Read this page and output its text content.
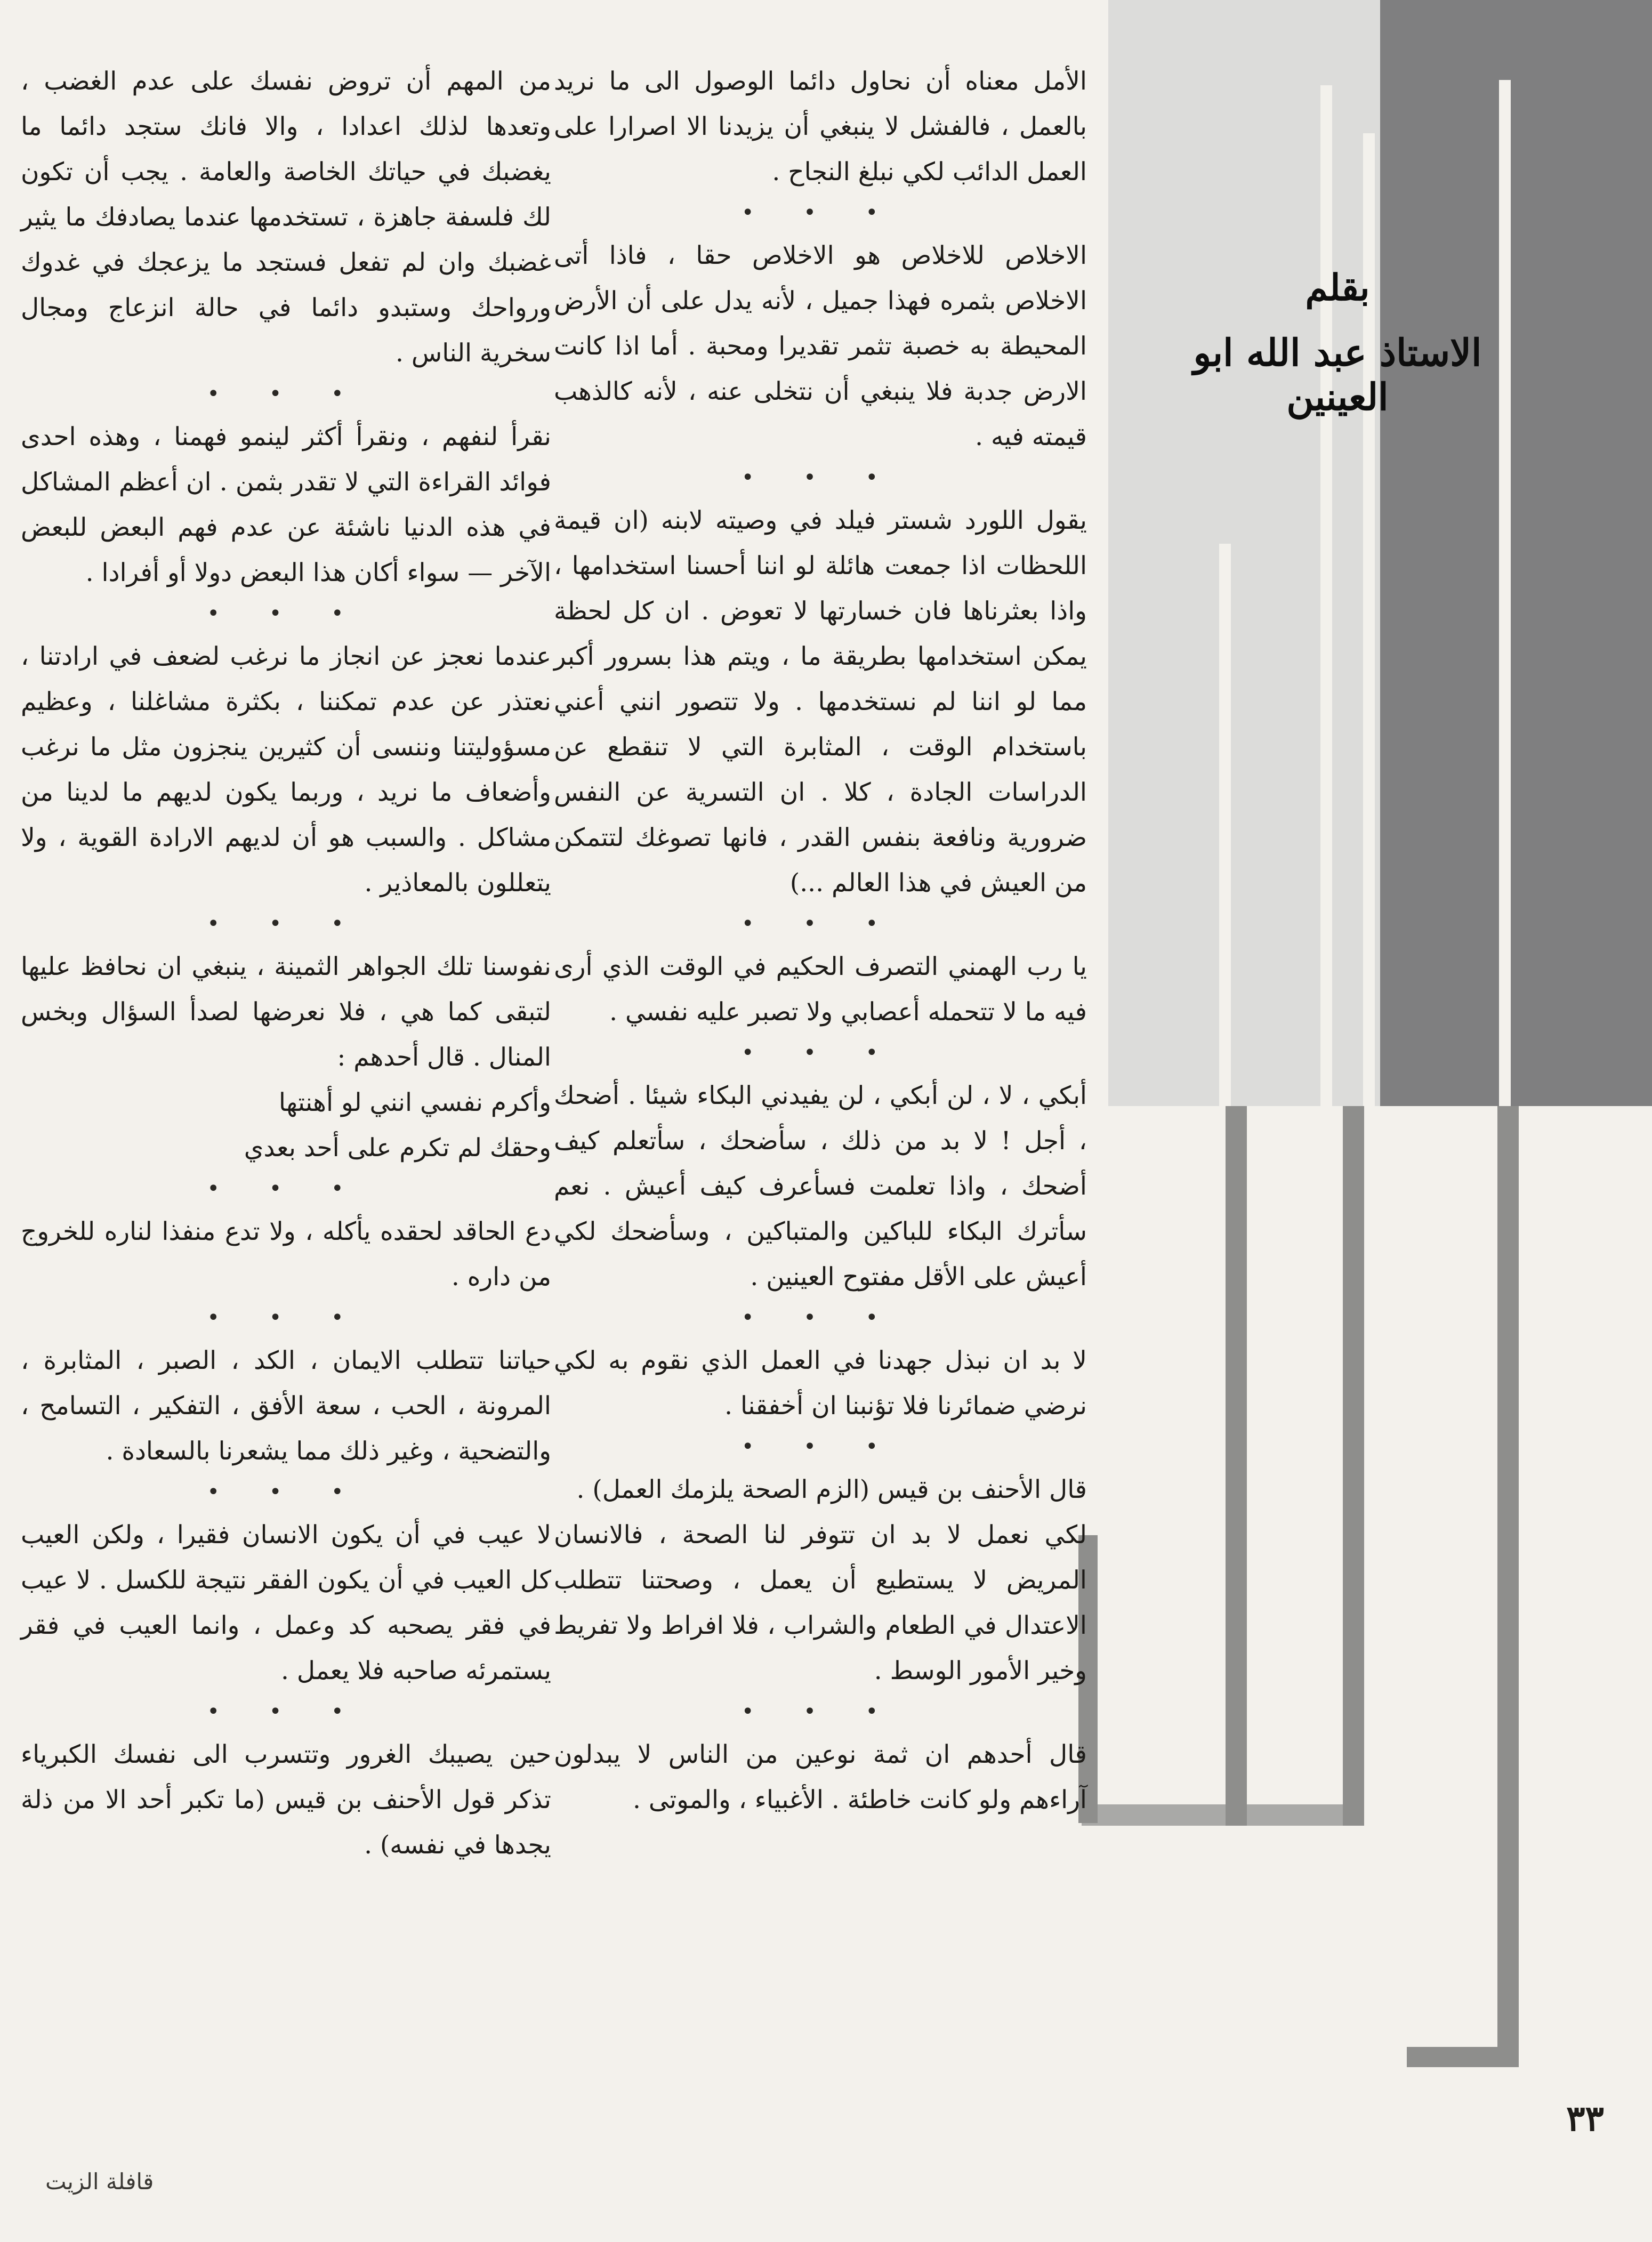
بقلم
الاستاذ عبد الله ابو العينين

الأمل معناه أن نحاول دائما الوصول الى ما نريد بالعمل ، فالفشل لا ينبغي أن يزيدنا الا اصرارا على العمل الدائب لكي نبلغ النجاح .

• • •

الاخلاص للاخلاص هو الاخلاص حقا ، فاذا أتى الاخلاص بثمره فهذا جميل ، لأنه يدل على أن الأرض المحيطة به خصبة تثمر تقديرا ومحبة . أما اذا كانت الارض جدبة فلا ينبغي أن نتخلى عنه ، لأنه كالذهب قيمته فيه .

• • •

يقول اللورد شستر فيلد في وصيته لابنه (ان قيمة اللحظات اذا جمعت هائلة لو اننا أحسنا استخدامها ، واذا بعثرناها فان خسارتها لا تعوض . ان كل لحظة يمكن استخدامها بطريقة ما ، ويتم هذا بسرور أكبر مما لو اننا لم نستخدمها . ولا تتصور انني أعني باستخدام الوقت ، المثابرة التي لا تنقطع عن الدراسات الجادة ، كلا . ان التسرية عن النفس ضرورية ونافعة بنفس القدر ، فانها تصوغك لتتمكن من العيش في هذا العالم ...)

• • •

يا رب الهمني التصرف الحكيم في الوقت الذي أرى فيه ما لا تتحمله أعصابي ولا تصبر عليه نفسي .

• • •

أبكي ، لا ، لن أبكي ، لن يفيدني البكاء شيئا . أضحك ، أجل ! لا بد من ذلك ، سأضحك ، سأتعلم كيف أضحك ، واذا تعلمت فسأعرف كيف أعيش . نعم سأترك البكاء للباكين والمتباكين ، وسأضحك لكي أعيش على الأقل مفتوح العينين .

• • •

لا بد ان نبذل جهدنا في العمل الذي نقوم به لكي نرضي ضمائرنا فلا تؤنبنا ان أخفقنا .

• • •

قال الأحنف بن قيس (الزم الصحة يلزمك العمل) .

لكي نعمل لا بد ان تتوفر لنا الصحة ، فالانسان المريض لا يستطيع أن يعمل ، وصحتنا تتطلب الاعتدال في الطعام والشراب ، فلا افراط ولا تفريط وخير الأمور الوسط .

• • •

قال أحدهم ان ثمة نوعين من الناس لا يبدلون آراءهم ولو كانت خاطئة . الأغبياء ، والموتى .

من المهم أن تروض نفسك على عدم الغضب ، وتعدها لذلك اعدادا ، والا فانك ستجد دائما ما يغضبك في حياتك الخاصة والعامة . يجب أن تكون لك فلسفة جاهزة ، تستخدمها عندما يصادفك ما يثير غضبك وان لم تفعل فستجد ما يزعجك في غدوك ورواحك وستبدو دائما في حالة انزعاج ومجال سخرية الناس .

• • •

نقرأ لنفهم ، ونقرأ أكثر لينمو فهمنا ، وهذه احدى فوائد القراءة التي لا تقدر بثمن . ان أعظم المشاكل في هذه الدنيا ناشئة عن عدم فهم البعض للبعض الآخر — سواء أكان هذا البعض دولا أو أفرادا .

• • •

عندما نعجز عن انجاز ما نرغب لضعف في ارادتنا ، نعتذر عن عدم تمكننا ، بكثرة مشاغلنا ، وعظيم مسؤوليتنا وننسى أن كثيرين ينجزون مثل ما نرغب وأضعاف ما نريد ، وربما يكون لديهم ما لدينا من مشاكل . والسبب هو أن لديهم الارادة القوية ، ولا يتعللون بالمعاذير .

• • •

نفوسنا تلك الجواهر الثمينة ، ينبغي ان نحافظ عليها لتبقى كما هي ، فلا نعرضها لصدأ السؤال وبخس المنال . قال أحدهم :

وأكرم نفسي انني لو أهنتها
وحقك لم تكرم على أحد بعدي
• • •

دع الحاقد لحقده يأكله ، ولا تدع منفذا لناره للخروج من داره .

• • •

حياتنا تتطلب الايمان ، الكد ، الصبر ، المثابرة ، المرونة ، الحب ، سعة الأفق ، التفكير ، التسامح ، والتضحية ، وغير ذلك مما يشعرنا بالسعادة .

• • •

لا عيب في أن يكون الانسان فقيرا ، ولكن العيب كل العيب في أن يكون الفقر نتيجة للكسل . لا عيب في فقر يصحبه كد وعمل ، وانما العيب في فقر يستمرئه صاحبه فلا يعمل .

• • •

حين يصيبك الغرور وتتسرب الى نفسك الكبرياء تذكر قول الأحنف بن قيس (ما تكبر أحد الا من ذلة يجدها في نفسه) .

٣٣
قافلة الزيت
